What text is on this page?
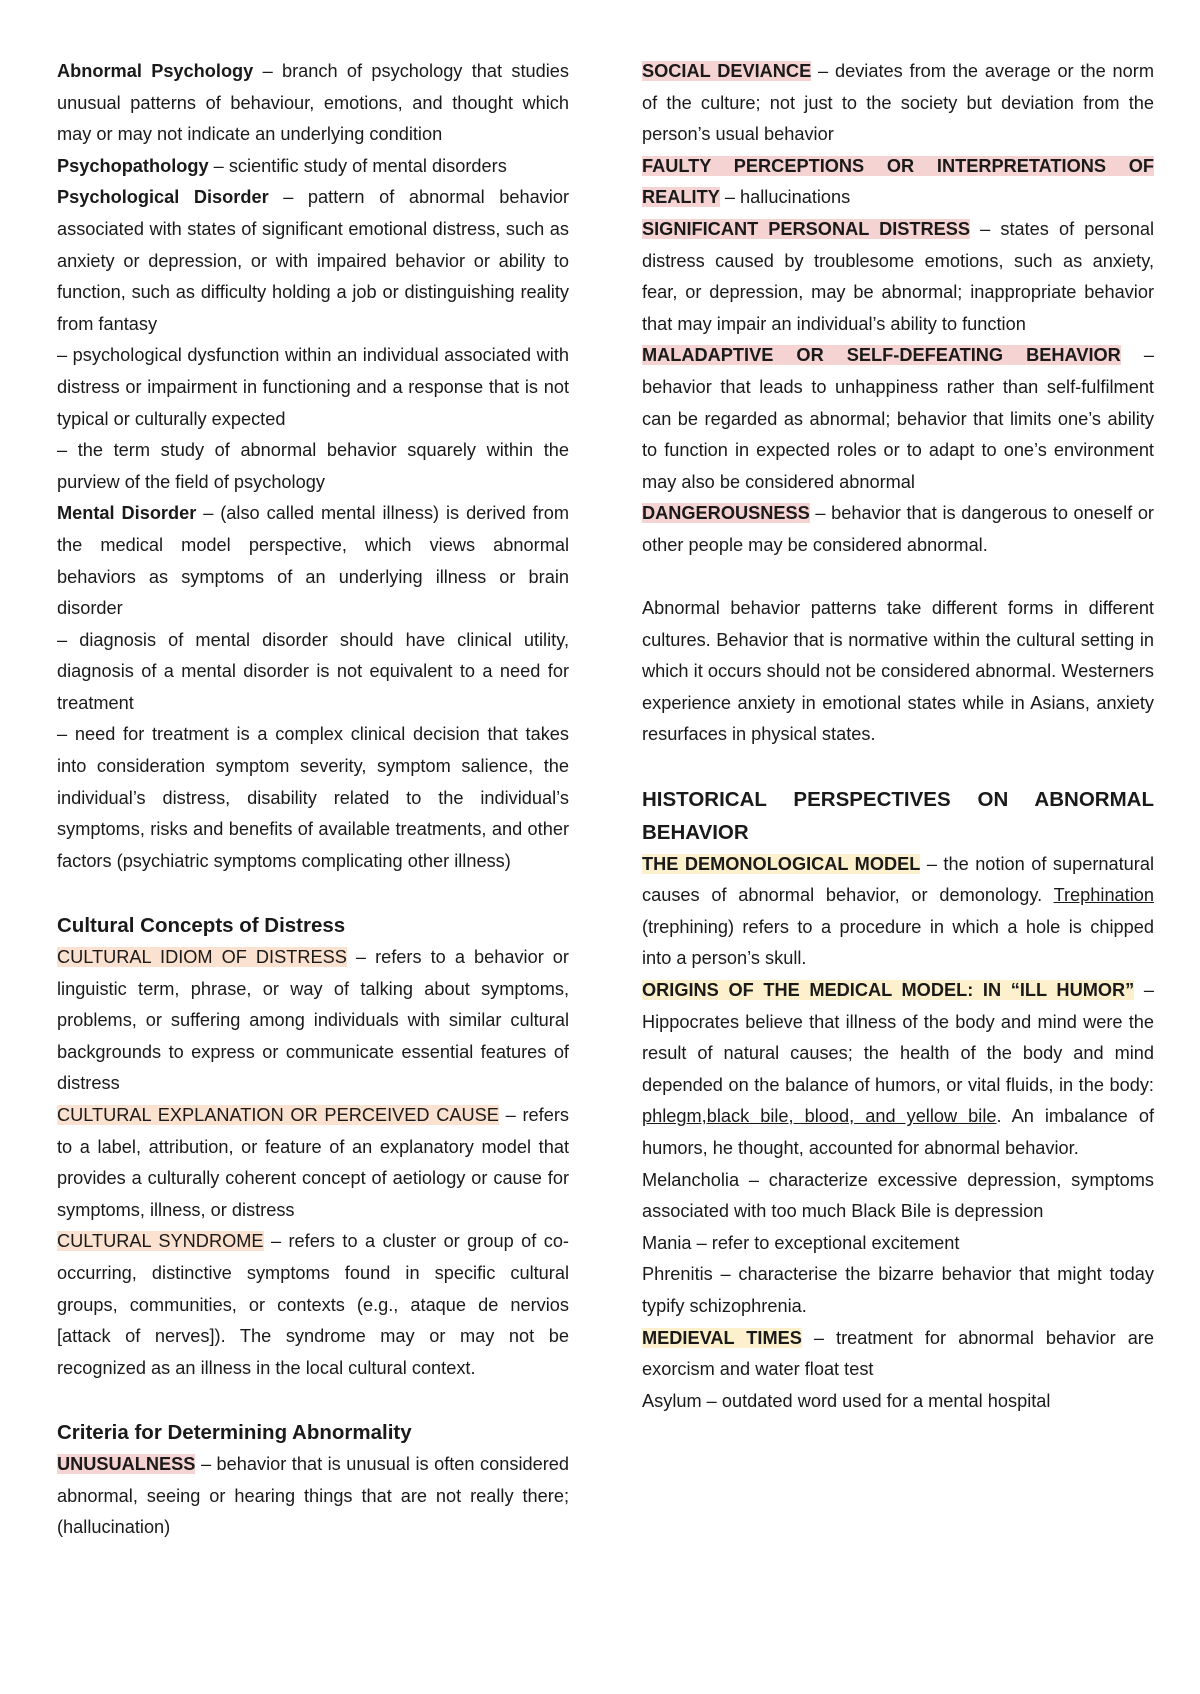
Abnormal Psychology – branch of psychology that studies unusual patterns of behaviour, emotions, and thought which may or may not indicate an underlying condition

Psychopathology – scientific study of mental disorders

Psychological Disorder – pattern of abnormal behavior associated with states of significant emotional distress, such as anxiety or depression, or with impaired behavior or ability to function, such as difficulty holding a job or distinguishing reality from fantasy

– psychological dysfunction within an individual associated with distress or impairment in functioning and a response that is not typical or culturally expected

– the term study of abnormal behavior squarely within the purview of the field of psychology

Mental Disorder – (also called mental illness) is derived from the medical model perspective, which views abnormal behaviors as symptoms of an underlying illness or brain disorder

– diagnosis of mental disorder should have clinical utility, diagnosis of a mental disorder is not equivalent to a need for treatment

– need for treatment is a complex clinical decision that takes into consideration symptom severity, symptom salience, the individual’s distress, disability related to the individual’s symptoms, risks and benefits of available treatments, and other factors (psychiatric symptoms complicating other illness)

Cultural Concepts of Distress

CULTURAL IDIOM OF DISTRESS – refers to a behavior or linguistic term, phrase, or way of talking about symptoms, problems, or suffering among individuals with similar cultural backgrounds to express or communicate essential features of distress

CULTURAL EXPLANATION OR PERCEIVED CAUSE – refers to a label, attribution, or feature of an explanatory model that provides a culturally coherent concept of aetiology or cause for symptoms, illness, or distress

CULTURAL SYNDROME – refers to a cluster or group of co- occurring, distinctive symptoms found in specific cultural groups, communities, or contexts (e.g., ataque de nervios [attack of nerves]). The syndrome may or may not be recognized as an illness in the local cultural context.

Criteria for Determining Abnormality

UNUSUALNESS – behavior that is unusual is often considered abnormal, seeing or hearing things that are not really there; (hallucination)

SOCIAL DEVIANCE – deviates from the average or the norm of the culture; not just to the society but deviation from the person’s usual behavior

FAULTY PERCEPTIONS OR INTERPRETATIONS OF REALITY – hallucinations

SIGNIFICANT PERSONAL DISTRESS – states of personal distress caused by troublesome emotions, such as anxiety, fear, or depression, may be abnormal; inappropriate behavior that may impair an individual’s ability to function

MALADAPTIVE OR SELF-DEFEATING BEHAVIOR – behavior that leads to unhappiness rather than self-fulfilment can be regarded as abnormal; behavior that limits one’s ability to function in expected roles or to adapt to one’s environment may also be considered abnormal

DANGEROUSNESS – behavior that is dangerous to oneself or other people may be considered abnormal.

Abnormal behavior patterns take different forms in different cultures. Behavior that is normative within the cultural setting in which it occurs should not be considered abnormal. Westerners experience anxiety in emotional states while in Asians, anxiety resurfaces in physical states.

HISTORICAL PERSPECTIVES ON ABNORMAL BEHAVIOR

THE DEMONOLOGICAL MODEL – the notion of supernatural causes of abnormal behavior, or demonology. Trephination (trephining) refers to a procedure in which a hole is chipped into a person’s skull.

ORIGINS OF THE MEDICAL MODEL: IN “ILL HUMOR” – Hippocrates believe that illness of the body and mind were the result of natural causes; the health of the body and mind depended on the balance of humors, or vital fluids, in the body: phlegm,black bile, blood, and yellow bile. An imbalance of humors, he thought, accounted for abnormal behavior.

Melancholia – characterize excessive depression, symptoms associated with too much Black Bile is depression

Mania – refer to exceptional excitement

Phrenitis – characterise the bizarre behavior that might today typify schizophrenia.

MEDIEVAL TIMES – treatment for abnormal behavior are exorcism and water float test

Asylum – outdated word used for a mental hospital
